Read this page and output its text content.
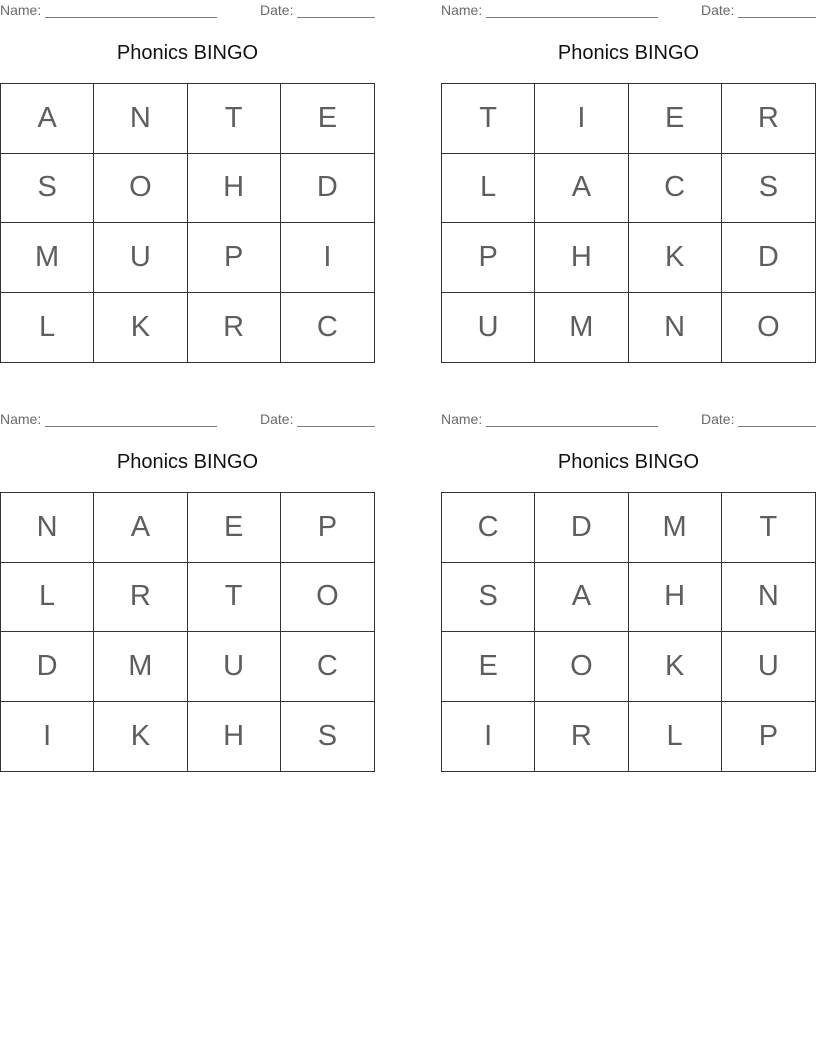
Name:	Date:
Phonics BINGO
A	N	T	E
S	O	H	D
M	U	P	I
L	K	R	C
Name:	Date:
Phonics BINGO
T	I	E	R
L	A	C	S
P	H	K	D
U	M	N	O
Name:	Date:
Phonics BINGO
N	A	E	P
L	R	T	O
D	M	U	C
I	K	H	S
Name:	Date:
Phonics BINGO
C	D	M	T
S	A	H	N
E	O	K	U
I	R	L	P
